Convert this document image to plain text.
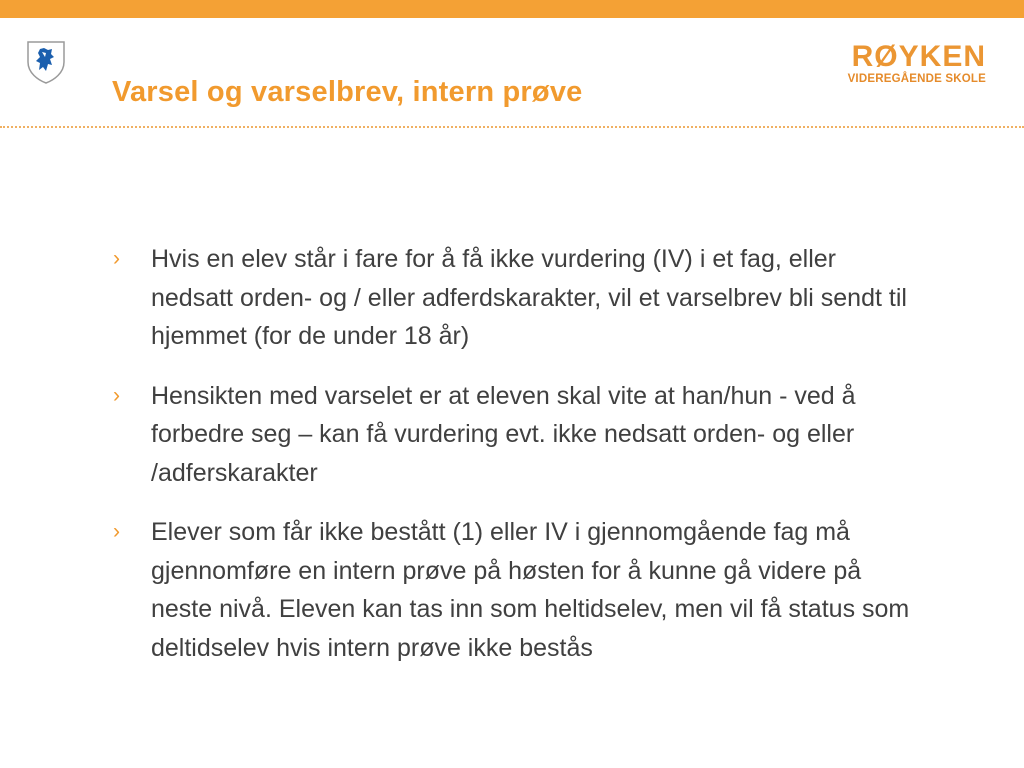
Varsel og varselbrev, intern prøve
RØYKEN
VIDEREGÅENDE SKOLE
› Hvis en elev står i fare for å få ikke vurdering (IV) i et fag, eller nedsatt orden- og / eller adferdskarakter, vil et varselbrev bli sendt til hjemmet (for de under 18 år)
› Hensikten med varselet er at eleven skal vite at han/hun - ved å forbedre seg – kan få vurdering evt. ikke nedsatt orden- og eller /adferskarakter
› Elever som får ikke bestått (1) eller IV i gjennomgående fag må gjennomføre en intern prøve på høsten for å kunne gå videre på neste nivå. Eleven kan tas inn som heltidselev, men vil få status som deltidselev hvis intern prøve ikke bestås
